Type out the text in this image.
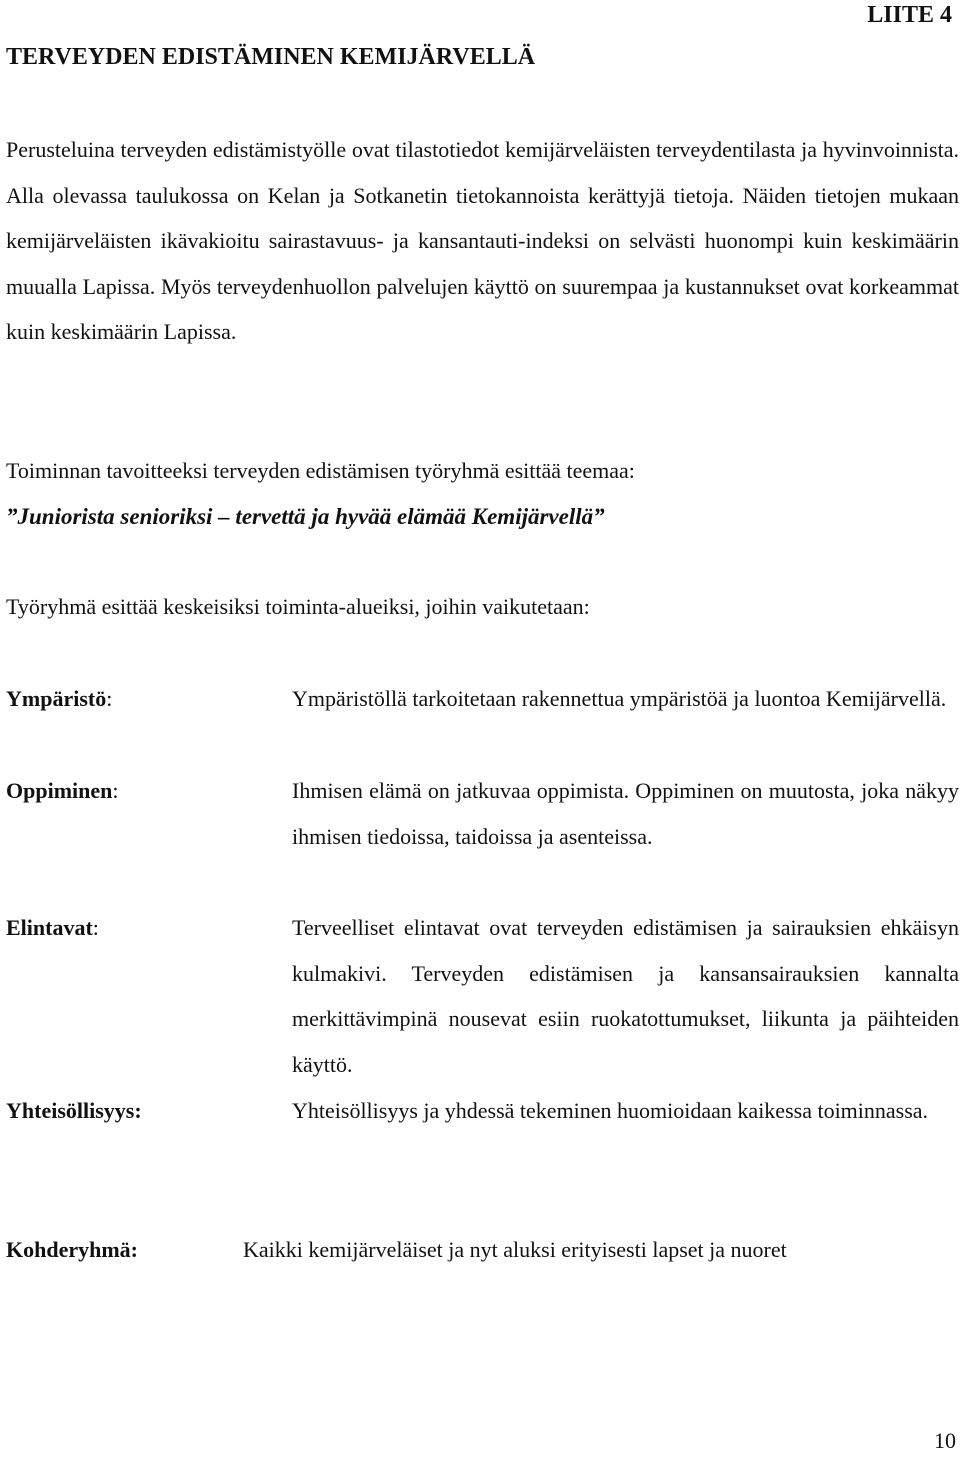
LIITE 4
TERVEYDEN EDISTÄMINEN KEMIJÄRVELLÄ
Perusteluina terveyden edistämistyölle ovat tilastotiedot kemijärveläisten terveydentilasta ja hyvinvoinnista. Alla olevassa taulukossa on Kelan ja Sotkanetin tietokannoista kerättyjä tietoja. Näiden tietojen mukaan kemijärveläisten ikävakioitu sairastavuus- ja kansantauti-indeksi on selvästi huonompi kuin keskimäärin muualla Lapissa. Myös terveydenhuollon palvelujen käyttö on suurempaa ja kustannukset ovat korkeammat kuin keskimäärin Lapissa.
Toiminnan tavoitteeksi terveyden edistämisen työryhmä esittää teemaa:
”Juniorista senioriksi – tervettä ja hyvää elämää Kemijärvellä”
Työryhmä esittää keskeisiksi toiminta-alueiksi, joihin vaikutetaan:
Ympäristö:	Ympäristöllä tarkoitetaan rakennettua ympäristöä ja luontoa Kemijärvellä.
Oppiminen:	Ihmisen elämä on jatkuvaa oppimista. Oppiminen on muutosta, joka näkyy ihmisen tiedoissa, taidoissa ja asenteissa.
Elintavat:	Terveelliset elintavat ovat terveyden edistämisen ja sairauksien ehkäisyn kulmakivi. Terveyden edistämisen ja kansansairauksien kannalta merkittävimpinä nousevat esiin ruokatottumukset, liikunta ja päihteiden käyttö.
Yhteisöllisyys:	Yhteisöllisyys ja yhdessä tekeminen huomioidaan kaikessa toiminnassa.
Kohderyhmä:	Kaikki kemijärveläiset ja nyt aluksi erityisesti lapset ja nuoret
10
